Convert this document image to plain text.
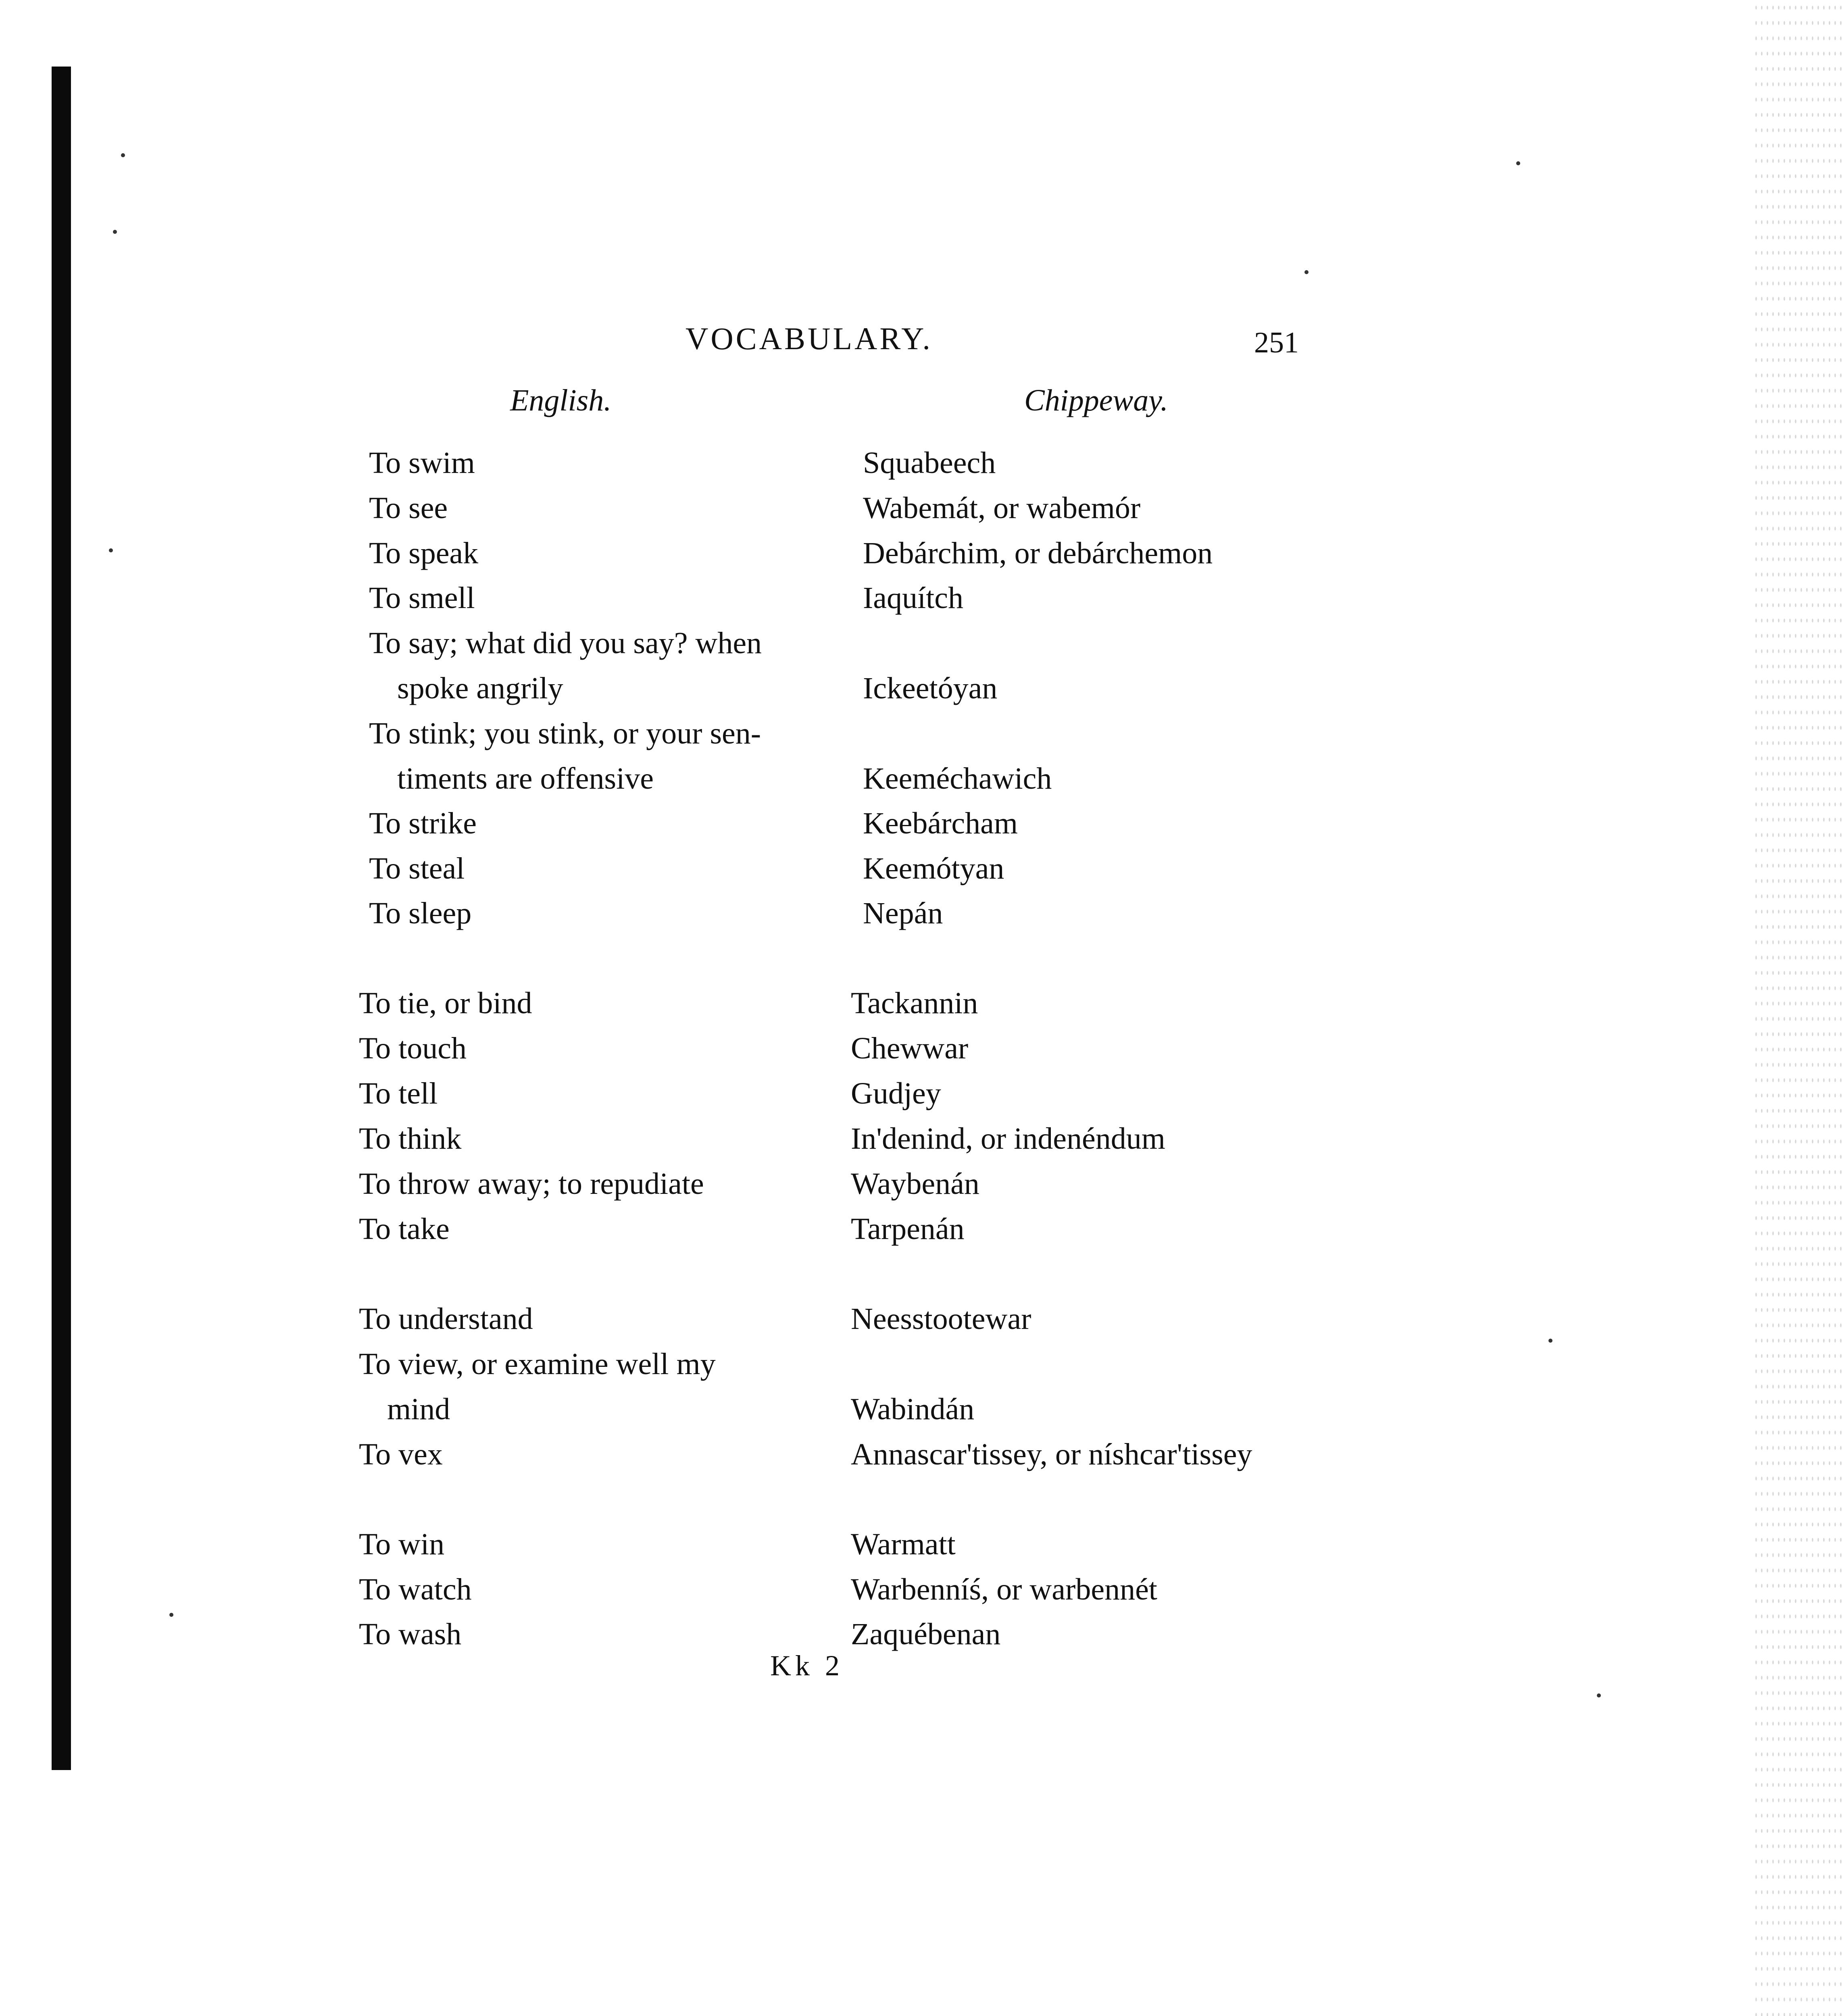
VOCABULARY.	251
English.	Chippeway.
To swim	Squabeech
To see	Wabemát, or wabemór
To speak	Debárchim, or debárchemon
To smell	Iaquítch
To say; what did you say? when
spoke angrily	Ickeetóyan
To stink; you stink, or your sen-
timents are offensive	Keeméchawich
To strike	Keebárcham
To steal	Keemótyan
To sleep	Nepán
To tie, or bind	Tackannin
To touch	Chewwar
To tell	Gudjey
To think	In'denind, or indenéndum
To throw away; to repudiate	Waybenán
To take	Tarpenán
To understand	Neesstootewar
To view, or examine well my
mind	Wabindán
To vex	Annascar'tissey, or níshcar'tissey
To win	Warmatt
To watch	Warbenníś, or warbennét
To wash	Zaquébenan
Kk 2
